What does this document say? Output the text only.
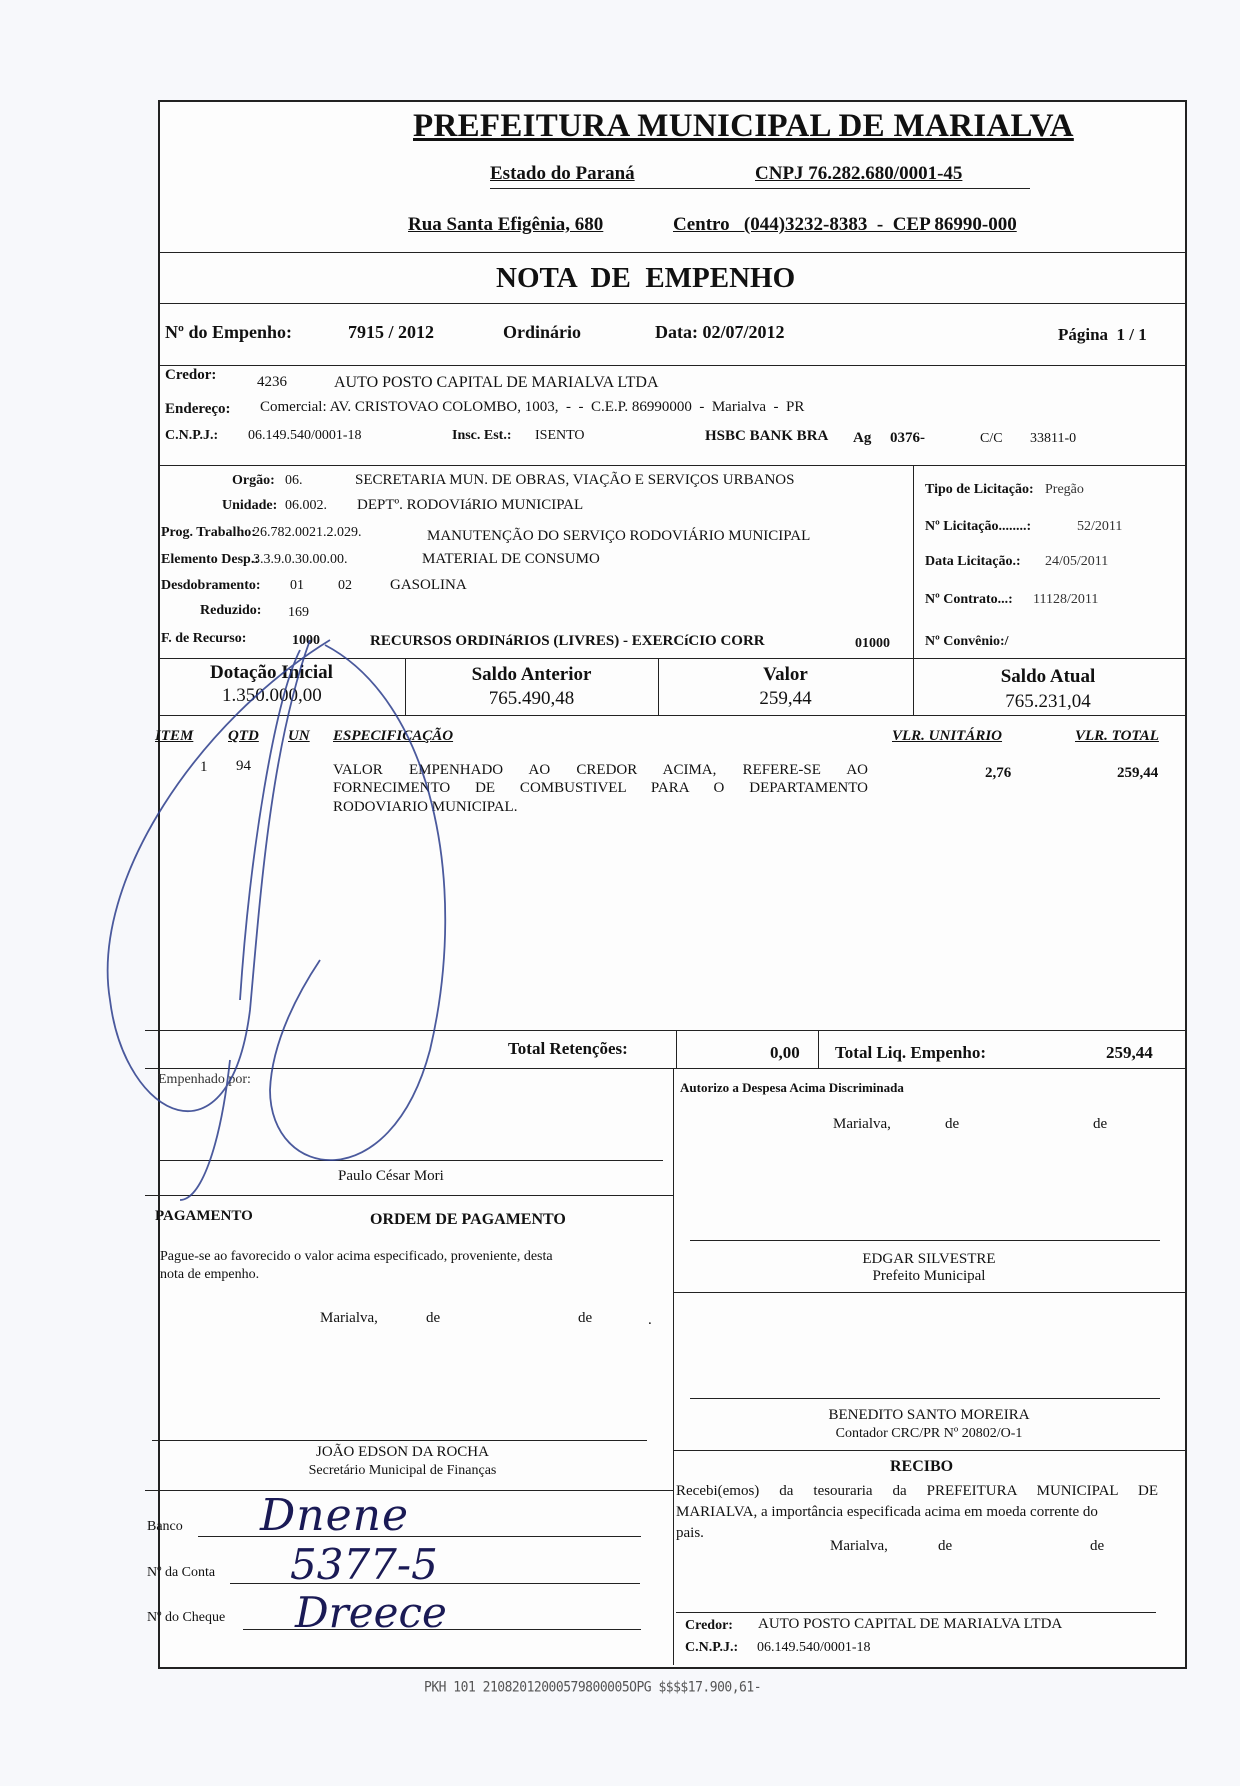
PREFEITURA MUNICIPAL DE MARIALVA
Estado do Paraná	CNPJ 76.282.680/0001-45
Rua Santa Efigênia, 680	Centro   (044)3232-8383  -  CEP 86990-000
NOTA  DE  EMPENHO
Nº do Empenho:	7915 / 2012	Ordinário	Data: 02/07/2012	Página  1 / 1
Credor:	4236	AUTO POSTO CAPITAL DE MARIALVA LTDA
Endereço: Comercial: AV. CRISTOVAO COLOMBO, 1003,  -  -  C.E.P. 86990000  -  Marialva  -  PR
C.N.P.J.: 06.149.540/0001-18	Insc. Est.: ISENTO	HSBC BANK BRA Ag 0376-	C/C 33811-0
Orgão: 06.	SECRETARIA MUN. DE OBRAS, VIAÇÃO E SERVIÇOS URBANOS
Unidade: 06.002. DEPTº. RODOVIáRIO MUNICIPAL
Prog. Trabalho:
26.782.0021.2.029.	MANUTENÇÃO DO SERVIÇO RODOVIÁRIO MUNICIPAL
Elemento Desp.:
3.3.9.0.30.00.00.	MATERIAL DE CONSUMO
Desdobramento: 01 02	GASOLINA
Reduzido: 169
F. de Recurso:	1000	RECURSOS ORDINáRIOS (LIVRES) - EXERCíCIO CORR	01000
Tipo de Licitação: Pregão
Nº Licitação........:	52/2011
Data Licitação.: 24/05/2011
Nº Contrato...: 11128/2011
Nº Convênio:/
Dotação Inicial
1.350.000,00
Saldo Anterior
765.490,48
Valor
259,44
Saldo Atual
765.231,04
ITEM QTD UN ESPECIFICAÇÃO	VLR. UNITÁRIO	VLR. TOTAL
1 94	VALOR  EMPENHADO  AO  CREDOR  ACIMA,  REFERE-SE  AO
FORNECIMENTO  DE  COMBUSTIVEL  PARA  O  DEPARTAMENTO
RODOVIARIO MUNICIPAL.
2,76	259,44
Total Retenções:	0,00 Total Liq. Empenho:	259,44
Empenhado por:
Paulo César Mori
Autorizo a Despesa Acima Discriminada
Marialva,	de	de
EDGAR SILVESTRE
Prefeito Municipal
PAGAMENTO	ORDEM DE PAGAMENTO
Pague-se ao favorecido o valor acima especificado, proveniente, desta
nota de empenho.
Marialva,	de	de	.
BENEDITO SANTO MOREIRA
Contador CRC/PR Nº 20802/O-1
JOÃO EDSON DA ROCHA
Secretário Municipal de Finanças
Banco Dnene
Nº da Conta 5377-5
Nº do Cheque Dreece
RECIBO
Recebi(emos)  da  tesouraria  da  PREFEITURA  MUNICIPAL  DE
MARIALVA, a importância especificada acima em moeda corrente do
pais.
Marialva,	de	de
Credor: AUTO POSTO CAPITAL DE MARIALVA LTDA
C.N.P.J.: 06.149.540/0001-18
PKH 101 21082012000579800005OPG $$$$17.900,61-
